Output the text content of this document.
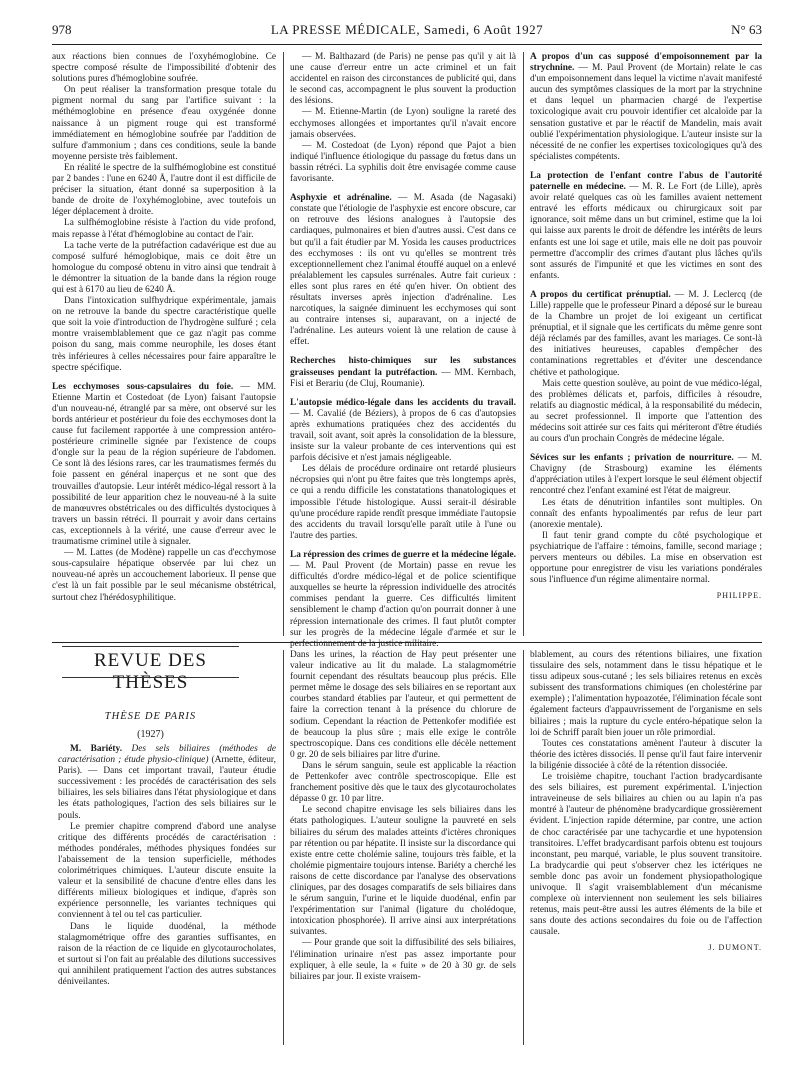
978	LA PRESSE MÉDICALE, Samedi, 6 Août 1927	N° 63

aux réactions bien connues de l'oxyhémoglobine. Ce spectre composé résulte de l'impossibilité d'obtenir des solutions pures d'hémoglobine soufrée.

On peut réaliser la transformation presque totale du pigment normal du sang par l'artifice suivant : la méthémoglobine en présence d'eau oxygénée donne naissance à un pigment rouge qui est transformé immédiatement en hémoglobine soufrée par l'addition de sulfure d'ammonium ; dans ces conditions, seule la bande moyenne persiste très faiblement.

En réalité le spectre de la sulfhémoglobine est constitué par 2 bandes : l'une en 6240 Å, l'autre dont il est difficile de préciser la situation, étant donné sa superposition à la bande de droite de l'oxyhémoglobine, avec toutefois un léger déplacement à droite.

La sulfhémoglobine résiste à l'action du vide profond, mais repasse à l'état d'hémoglobine au contact de l'air.

La tache verte de la putréfaction cadavérique est due au composé sulfuré hémoglobique, mais ce doit être un homologue du composé obtenu in vitro ainsi que tendrait à le démontrer la situation de la bande dans la région rouge qui est à 6170 au lieu de 6240 Å.

Dans l'intoxication sulfhydrique expérimentale, jamais on ne retrouve la bande du spectre caractéristique quelle que soit la voie d'introduction de l'hydrogène sulfuré ; cela montre vraisemblablement que ce gaz n'agit pas comme poison du sang, mais comme neurophile, les doses étant très inférieures à celles nécessaires pour faire apparaître le spectre spécifique.

Les ecchymoses sous-capsulaires du foie. — MM. Etienne Martin et Costedoat (de Lyon) faisant l'autopsie d'un nouveau-né, étranglé par sa mère, ont observé sur les bords antérieur et postérieur du foie des ecchymoses dont la cause fut facilement rapportée à une compression antéro-postérieure criminelle signée par l'existence de coups d'ongle sur la peau de la région supérieure de l'abdomen. Ce sont là des lésions rares, car les traumatismes fermés du foie passent en général inaperçus et ne sont que des trouvailles d'autopsie. Leur intérêt médico-légal ressort à la possibilité de leur apparition chez le nouveau-né à la suite de manœuvres obstétricales ou des difficultés dystociques à travers un bassin rétréci. Il pourrait y avoir dans certains cas, exceptionnels à la vérité, une cause d'erreur avec le traumatisme criminel utile à signaler.

— M. Lattes (de Modène) rappelle un cas d'ecchymose sous-capsulaire hépatique observée par lui chez un nouveau-né après un accouchement laborieux. Il pense que c'est là un fait possible par le seul mécanisme obstétrical, surtout chez l'hérédosyphilitique.

— M. Balthazard (de Paris) ne pense pas qu'il y ait là une cause d'erreur entre un acte criminel et un fait accidentel en raison des circonstances de publicité qui, dans le second cas, accompagnent le plus souvent la production des lésions.

— M. Etienne-Martin (de Lyon) souligne la rareté des ecchymoses allongées et importantes qu'il n'avait encore jamais observées.

— M. Costedoat (de Lyon) répond que Pajot a bien indiqué l'influence étiologique du passage du fœtus dans un bassin rétréci. La syphilis doit être envisagée comme cause favorisante.

Asphyxie et adrénaline. — M. Asada (de Nagasaki) constate que l'étiologie de l'asphyxie est encore obscure, car on retrouve des lésions analogues à l'autopsie des cardiaques, pulmonaires et bien d'autres aussi. C'est dans ce but qu'il a fait étudier par M. Yosida les causes productrices des ecchymoses : ils ont vu qu'elles se montrent très exceptionnellement chez l'animal étouffé auquel on a enlevé préalablement les capsules surrénales. Autre fait curieux : elles sont plus rares en été qu'en hiver. On obtient des résultats inverses après injection d'adrénaline. Les narcotiques, la saignée diminuent les ecchymoses qui sont au contraire intenses si, auparavant, on a injecté de l'adrénaline. Les auteurs voient là une relation de cause à effet.

Recherches histo-chimiques sur les substances graisseuses pendant la putréfaction. — MM. Kernbach, Fisi et Berariu (de Cluj, Roumanie).

L'autopsie médico-légale dans les accidents du travail. — M. Cavalié (de Béziers), à propos de 6 cas d'autopsies après exhumations pratiquées chez des accidentés du travail, soit avant, soit après la consolidation de la blessure, insiste sur la valeur probante de ces interventions qui est parfois décisive et n'est jamais négligeable.

Les délais de procédure ordinaire ont retardé plusieurs nécropsies qui n'ont pu être faites que très longtemps après, ce qui a rendu difficile les constatations thanatologiques et impossible l'étude histologique. Aussi serait-il désirable qu'une procédure rapide rendît presque immédiate l'autopsie des accidents du travail lorsqu'elle paraît utile à l'une ou l'autre des parties.

La répression des crimes de guerre et la médecine légale. — M. Paul Provent (de Mortain) passe en revue les difficultés d'ordre médico-légal et de police scientifique auxquelles se heurte la répression individuelle des atrocités commises pendant la guerre. Ces difficultés limitent sensiblement le champ d'action qu'on pourrait donner à une répression internationale des crimes. Il faut plutôt compter sur les progrès de la médecine légale d'armée et sur le perfectionnement de la justice militaire.

A propos d'un cas supposé d'empoisonnement par la strychnine. — M. Paul Provent (de Mortain) relate le cas d'un empoisonnement dans lequel la victime n'avait manifesté aucun des symptômes classiques de la mort par la strychnine et dans lequel un pharmacien chargé de l'expertise toxicologique avait cru pouvoir identifier cet alcaloïde par la sensation gustative et par le réactif de Mandelin, mais avait oublié l'expérimentation physiologique. L'auteur insiste sur la nécessité de ne confier les expertises toxicologiques qu'à des spécialistes compétents.

La protection de l'enfant contre l'abus de l'autorité paternelle en médecine. — M. R. Le Fort (de Lille), après avoir relaté quelques cas où les familles avaient nettement entravé les efforts médicaux ou chirurgicaux soit par ignorance, soit même dans un but criminel, estime que la loi qui laisse aux parents le droit de défendre les intérêts de leurs enfants est une loi sage et utile, mais elle ne doit pas pouvoir permettre d'accomplir des crimes d'autant plus lâches qu'ils sont assurés de l'impunité et que les victimes en sont des enfants.

A propos du certificat prénuptial. — M. J. Leclercq (de Lille) rappelle que le professeur Pinard a déposé sur le bureau de la Chambre un projet de loi exigeant un certificat prénuptial, et il signale que les certificats du même genre sont déjà réclamés par des familles, avant les mariages. Ce sont-là des initiatives heureuses, capables d'empêcher des contaminations regrettables et d'éviter une descendance chétive et pathologique.

Mais cette question soulève, au point de vue médico-légal, des problèmes délicats et, parfois, difficiles à résoudre, relatifs au diagnostic médical, à la responsabilité du médecin, au secret professionnel. Il importe que l'attention des médecins soit attirée sur ces faits qui mériteront d'être étudiés au cours d'un prochain Congrès de médecine légale.

Sévices sur les enfants ; privation de nourriture. — M. Chavigny (de Strasbourg) examine les éléments d'appréciation utiles à l'expert lorsque le seul élément objectif rencontré chez l'enfant examiné est l'état de maigreur.

Les états de dénutrition infantiles sont multiples. On connaît des enfants hypoalimentés par refus de leur part (anorexie mentale).

Il faut tenir grand compte du côté psychologique et psychiatrique de l'affaire : témoins, famille, second mariage ; pervers menteurs ou débiles. La mise en observation est opportune pour enregistrer de visu les variations pondérales sous l'influence d'un régime alimentaire normal.

PHILIPPE.
REVUE DES THÈSES
THÈSE DE PARIS
(1927)

M. Bariéty. Des sels biliaires (méthodes de caractérisation ; étude physio-clinique) (Arnette, éditeur, Paris). — Dans cet important travail, l'auteur étudie successivement : les procédés de caractérisation des sels biliaires, les sels biliaires dans l'état physiologique et dans les états pathologiques, l'action des sels biliaires sur le pouls.

Le premier chapitre comprend d'abord une analyse critique des différents procédés de caractérisation : méthodes pondérales, méthodes physiques fondées sur l'abaissement de la tension superficielle, méthodes colorimétriques chimiques. L'auteur discute ensuite la valeur et la sensibilité de chacune d'entre elles dans les différents milieux biologiques et indique, d'après son expérience personnelle, les variantes techniques qui conviennent à tel ou tel cas particulier.

Dans le liquide duodénal, la méthode stalagmométrique offre des garanties suffisantes, en raison de la réaction de ce liquide en glycotaurocholates, et surtout si l'on fait au préalable des dilutions successives qui annihilent pratiquement l'action des autres substances déniveilantes.

Dans les urines, la réaction de Hay peut présenter une valeur indicative au lit du malade. La stalagmométrie fournit cependant des résultats beaucoup plus précis. Elle permet même le dosage des sels biliaires en se reportant aux courbes standard établies par l'auteur, et qui permettent de faire la correction tenant à la présence du chlorure de sodium. Cependant la réaction de Pettenkofer modifiée est de beaucoup la plus sûre ; mais elle exige le contrôle spectroscopique. Dans ces conditions elle décèle nettement 0 gr. 20 de sels biliaires par litre d'urine.

Dans le sérum sanguin, seule est applicable la réaction de Pettenkofer avec contrôle spectroscopique. Elle est franchement positive dès que le taux des glycotaurocholates dépasse 0 gr. 10 par litre.

Le second chapitre envisage les sels biliaires dans les états pathologiques. L'auteur souligne la pauvreté en sels biliaires du sérum des malades atteints d'ictères chroniques par rétention ou par hépatite. Il insiste sur la discordance qui existe entre cette cholémie saline, toujours très faible, et la cholémie pigmentaire toujours intense. Bariéty a cherché les raisons de cette discordance par l'analyse des observations cliniques, par des dosages comparatifs de sels biliaires dans le sérum sanguin, l'urine et le liquide duodénal, enfin par l'expérimentation sur l'animal (ligature du cholédoque, intoxication phosphorée). Il arrive ainsi aux interprétations suivantes.

— Pour grande que soit la diffusibilité des sels biliaires, l'élimination urinaire n'est pas assez importante pour expliquer, à elle seule, la « fuite » de 20 à 30 gr. de sels biliaires par jour. Il existe vraisem-

blablement, au cours des rétentions biliaires, une fixation tissulaire des sels, notamment dans le tissu hépatique et le tissu adipeux sous-cutané ; les sels biliaires retenus en excès subissent des transformations chimiques (en cholestérine par exemple) ; l'alimentation hypoazotée, l'élimination fécale sont également facteurs d'appauvrissement de l'organisme en sels biliaires ; mais la rupture du cycle entéro-hépatique selon la loi de Schriff paraît bien jouer un rôle primordial.

Toutes ces constatations amènent l'auteur à discuter la théorie des ictères dissociés. Il pense qu'il faut faire intervenir la biligénie dissociée à côté de la rétention dissociée.

Le troisième chapitre, touchant l'action bradycardisante des sels biliaires, est purement expérimental. L'injection intraveineuse de sels biliaires au chien ou au lapin n'a pas montré à l'auteur de phénomène bradycardique grossièrement évident. L'injection rapide détermine, par contre, une action de choc caractérisée par une tachycardie et une hypotension transitoires. L'effet bradycardisant parfois obtenu est toujours inconstant, peu marqué, variable, le plus souvent transitoire. La bradycardie qui peut s'observer chez les ictériques ne semble donc pas avoir un fondement physiopathologique univoque. Il s'agit vraisemblablement d'un mécanisme complexe où interviennent non seulement les sels biliaires retenus, mais peut-être aussi les autres éléments de la bile et sans doute des actions secondaires du foie ou de l'affection causale.

J. DUMONT.
